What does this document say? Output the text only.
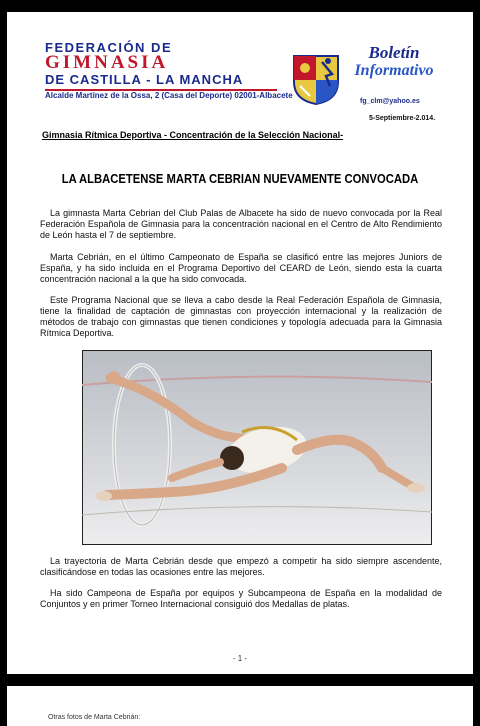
FEDERACIÓN DE
GIMNASIA
DE CASTILLA - LA MANCHA
Alcalde Martínez de la Ossa, 2 (Casa del Deporte) 02001-Albacete
Boletín
Informativo
fg_clm@yahoo.es
5-Septiembre-2.014.
Gimnasia Rítmica Deportiva - Concentración de la Selección Nacional-
LA ALBACETENSE MARTA CEBRIAN NUEVAMENTE CONVOCADA
La gimnasta Marta Cebrian del Club Palas de Albacete ha sido de nuevo convocada por la Real Federación Española de Gimnasia para la concentración nacional en el Centro de Alto Rendimiento de León hasta el 7 de septiembre.
Marta Cebrián, en el último Campeonato de España se clasificó entre las mejores Juniors de España, y ha sido incluida en el Programa Deportivo del CEARD de León, siendo esta la cuarta concentración nacional a la que ha sido convocada.
Este Programa Nacional que se lleva a cabo desde la Real Federación Española de Gimnasia, tiene la finalidad de captación de gimnastas con proyección internacional y la realización de métodos de trabajo con gimnastas que tienen condiciones y topología adecuada para la Gimnasia Rítmica Deportiva.
La trayectoria de Marta Cebrián desde que empezó a competir ha sido siempre ascendente, clasificándose en todas las ocasiones entre las mejores.
Ha sido Campeona de España por equipos y Subcampeona de España en la modalidad de Conjuntos y en primer Torneo Internacional consiguió dos Medallas de platas.
- 1 -
Otras fotos de Marta Cebrián:
